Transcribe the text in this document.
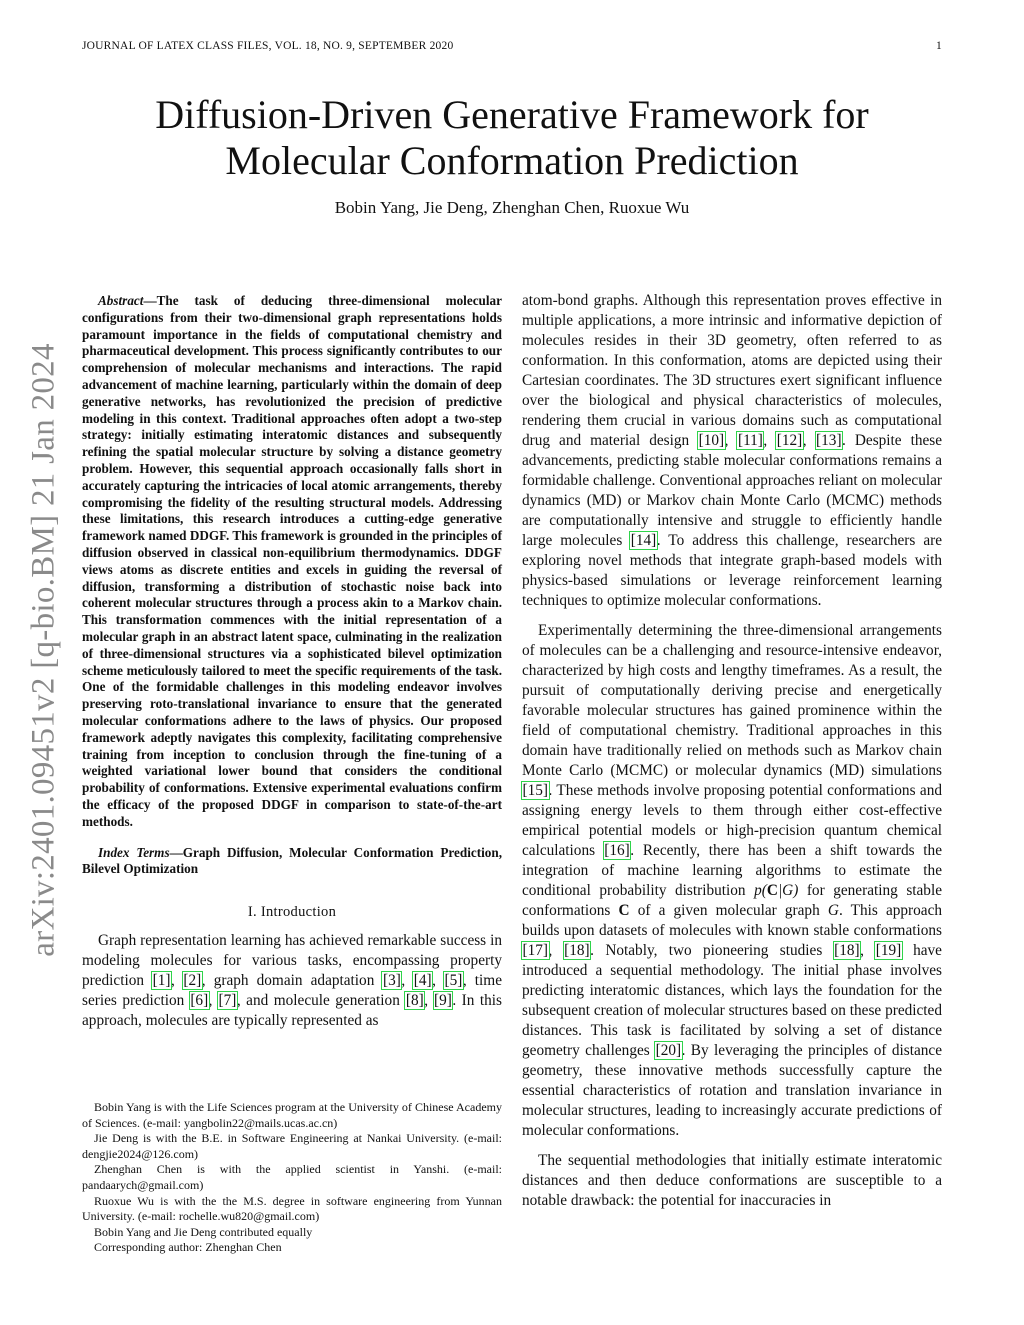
JOURNAL OF LATEX CLASS FILES, VOL. 18, NO. 9, SEPTEMBER 2020	1
arXiv:2401.09451v2 [q-bio.BM] 21 Jan 2024
Diffusion-Driven Generative Framework for
Molecular Conformation Prediction
Bobin Yang, Jie Deng, Zhenghan Chen, Ruoxue Wu

Abstract—The task of deducing three-dimensional molecular configurations from their two-dimensional graph representations holds paramount importance in the fields of computational chemistry and pharmaceutical development. This process significantly contributes to our comprehension of molecular mechanisms and interactions. The rapid advancement of machine learning, particularly within the domain of deep generative networks, has revolutionized the precision of predictive modeling in this context. Traditional approaches often adopt a two-step strategy: initially estimating interatomic distances and subsequently refining the spatial molecular structure by solving a distance geometry problem. However, this sequential approach occasionally falls short in accurately capturing the intricacies of local atomic arrangements, thereby compromising the fidelity of the resulting structural models. Addressing these limitations, this research introduces a cutting-edge generative framework named DDGF. This framework is grounded in the principles of diffusion observed in classical non-equilibrium thermodynamics. DDGF views atoms as discrete entities and excels in guiding the reversal of diffusion, transforming a distribution of stochastic noise back into coherent molecular structures through a process akin to a Markov chain. This transformation commences with the initial representation of a molecular graph in an abstract latent space, culminating in the realization of three-dimensional structures via a sophisticated bilevel optimization scheme meticulously tailored to meet the specific requirements of the task. One of the formidable challenges in this modeling endeavor involves preserving roto-translational invariance to ensure that the generated molecular conformations adhere to the laws of physics. Our proposed framework adeptly navigates this complexity, facilitating comprehensive training from inception to conclusion through the fine-tuning of a weighted variational lower bound that considers the conditional probability of conformations. Extensive experimental evaluations confirm the efficacy of the proposed DDGF in comparison to state-of-the-art methods.

Index Terms—Graph Diffusion, Molecular Conformation Prediction, Bilevel Optimization

I. Introduction

Graph representation learning has achieved remarkable success in modeling molecules for various tasks, encompassing property prediction [1], [2], graph domain adaptation [3], [4], [5], time series prediction [6], [7], and molecule generation [8], [9]. In this approach, molecules are typically represented as

Bobin Yang is with the Life Sciences program at the University of Chinese Academy of Sciences. (e-mail: yangbolin22@mails.ucas.ac.cn)

Jie Deng is with the B.E. in Software Engineering at Nankai University. (e-mail: dengjie2024@126.com)

Zhenghan Chen is with the applied scientist in Yanshi. (e-mail: pandaarych@gmail.com)

Ruoxue Wu is with the the M.S. degree in software engineering from Yunnan University. (e-mail: rochelle.wu820@gmail.com)

Bobin Yang and Jie Deng contributed equally

Corresponding author: Zhenghan Chen

atom-bond graphs. Although this representation proves effective in multiple applications, a more intrinsic and informative depiction of molecules resides in their 3D geometry, often referred to as conformation. In this conformation, atoms are depicted using their Cartesian coordinates. The 3D structures exert significant influence over the biological and physical characteristics of molecules, rendering them crucial in various domains such as computational drug and material design [10], [11], [12], [13]. Despite these advancements, predicting stable molecular conformations remains a formidable challenge. Conventional approaches reliant on molecular dynamics (MD) or Markov chain Monte Carlo (MCMC) methods are computationally intensive and struggle to efficiently handle large molecules [14]. To address this challenge, researchers are exploring novel methods that integrate graph-based models with physics-based simulations or leverage reinforcement learning techniques to optimize molecular conformations.

Experimentally determining the three-dimensional arrangements of molecules can be a challenging and resource-intensive endeavor, characterized by high costs and lengthy timeframes. As a result, the pursuit of computationally deriving precise and energetically favorable molecular structures has gained prominence within the field of computational chemistry. Traditional approaches in this domain have traditionally relied on methods such as Markov chain Monte Carlo (MCMC) or molecular dynamics (MD) simulations [15]. These methods involve proposing potential conformations and assigning energy levels to them through either cost-effective empirical potential models or high-precision quantum chemical calculations [16]. Recently, there has been a shift towards the integration of machine learning algorithms to estimate the conditional probability distribution p(C|G) for generating stable conformations C of a given molecular graph G. This approach builds upon datasets of molecules with known stable conformations [17], [18]. Notably, two pioneering studies [18], [19] have introduced a sequential methodology. The initial phase involves predicting interatomic distances, which lays the foundation for the subsequent creation of molecular structures based on these predicted distances. This task is facilitated by solving a set of distance geometry challenges [20]. By leveraging the principles of distance geometry, these innovative methods successfully capture the essential characteristics of rotation and translation invariance in molecular structures, leading to increasingly accurate predictions of molecular conformations.

The sequential methodologies that initially estimate interatomic distances and then deduce conformations are susceptible to a notable drawback: the potential for inaccuracies in
